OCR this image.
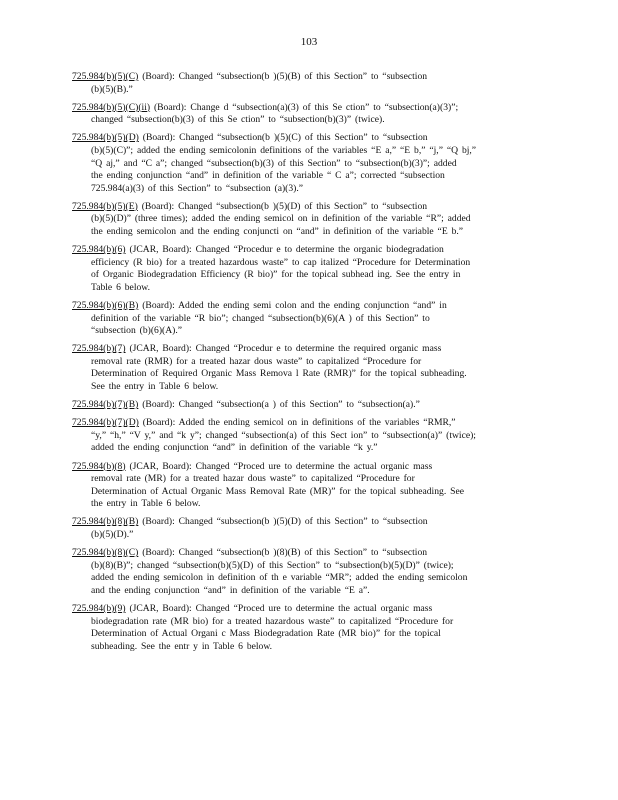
103
725.984(b)(5)(C) (Board): Changed “subsection(b )(5)(B) of this Section” to “subsection
(b)(5)(B).”
725.984(b)(5)(C)(ii) (Board): Change d “subsection(a)(3) of this Se ction” to “subsection(a)(3)”;
changed “subsection(b)(3) of this Se ction” to “subsection(b)(3)” (twice).
725.984(b)(5)(D) (Board): Changed “subsection(b )(5)(C) of this Section” to “subsection
(b)(5)(C)”; added the ending semicolonin definitions of the variables “E a,” “E b,” “j,” “Q bj,”
“Q aj,” and “C a”; changed “subsection(b)(3) of this Section” to “subsection(b)(3)”; added
the ending conjunction “and” in definition of the variable “ C a”; corrected “subsection
725.984(a)(3) of this Section” to “subsection (a)(3).”
725.984(b)(5)(E) (Board): Changed “subsection(b )(5)(D) of this Section” to “subsection
(b)(5)(D)” (three times); added the ending semicol on in definition of the variable “R”; added
the ending semicolon and the ending conjuncti on “and” in definition of the variable “E b.”
725.984(b)(6) (JCAR, Board): Changed “Procedur e to determine the organic biodegradation
efficiency (R bio) for a treated hazardous waste” to cap italized “Procedure for Determination
of Organic Biodegradation Efficiency (R bio)” for the topical subhead ing. See the entry in
Table 6 below.
725.984(b)(6)(B) (Board): Added the ending semi colon and the ending conjunction “and” in
definition of the variable “R bio”; changed “subsection(b)(6)(A ) of this Section” to
“subsection (b)(6)(A).”
725.984(b)(7) (JCAR, Board): Changed “Procedur e to determine the required organic mass
removal rate (RMR) for a treated hazar dous waste” to capitalized “Procedure for
Determination of Required Organic Mass Remova l Rate (RMR)” for the topical subheading.
See the entry in Table 6 below.
725.984(b)(7)(B) (Board): Changed “subsection(a ) of this Section” to “subsection(a).”
725.984(b)(7)(D) (Board): Added the ending semicol on in definitions of the variables “RMR,”
“y,” “h,” “V y,” and “k y”; changed “subsection(a) of this Sect ion” to “subsection(a)” (twice);
added the ending conjunction “and” in definition of the variable “k y.”
725.984(b)(8) (JCAR, Board): Changed “Proced ure to determine the actual organic mass
removal rate (MR) for a treated hazar dous waste” to capitalized “Procedure for
Determination of Actual Organic Mass Removal Rate (MR)” for the topical subheading. See
the entry in Table 6 below.
725.984(b)(8)(B) (Board): Changed “subsection(b )(5)(D) of this Section” to “subsection
(b)(5)(D).”
725.984(b)(8)(C) (Board): Changed “subsection(b )(8)(B) of this Section” to “subsection
(b)(8)(B)”; changed “subsection(b)(5)(D) of this Section” to “subsection(b)(5)(D)” (twice);
added the ending semicolon in definition of th e variable “MR”; added the ending semicolon
and the ending conjunction “and” in definition of the variable “E a”.
725.984(b)(9) (JCAR, Board): Changed “Proced ure to determine the actual organic mass
biodegradation rate (MR bio) for a treated hazardous waste” to capitalized “Procedure for
Determination of Actual Organi c Mass Biodegradation Rate (MR bio)” for the topical
subheading. See the entr y in Table 6 below.
